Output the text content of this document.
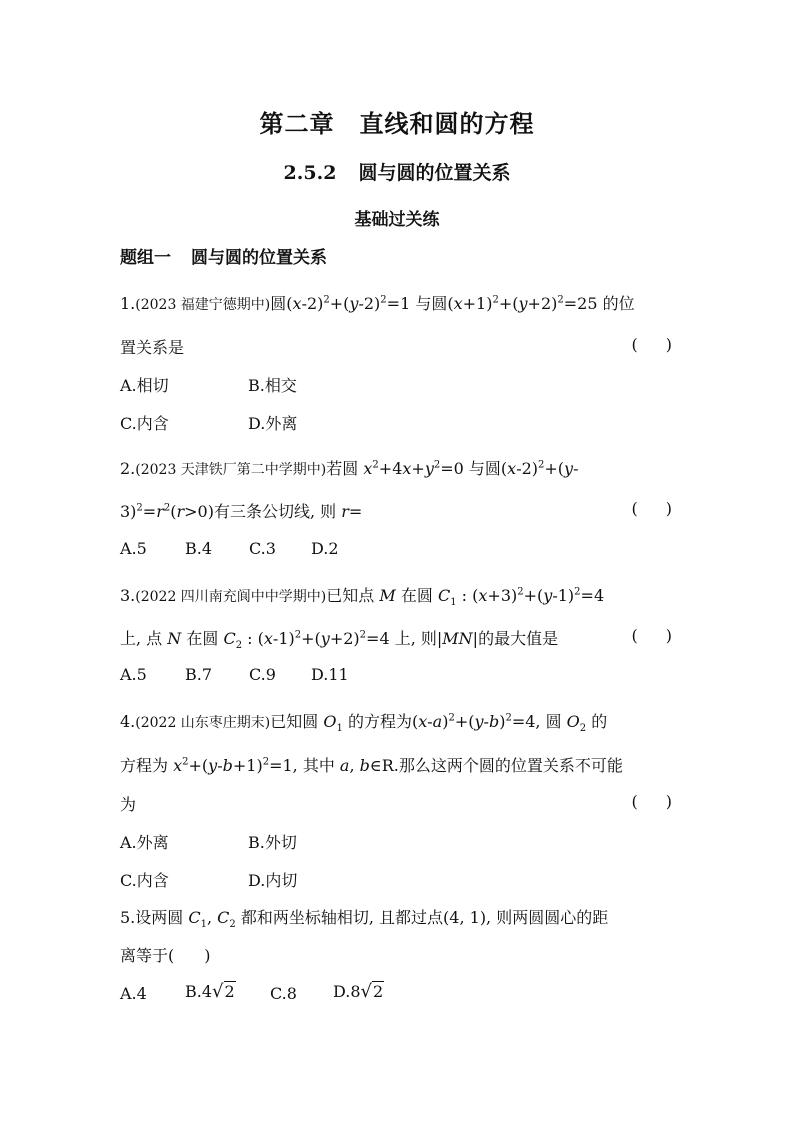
第二章　直线和圆的方程
2.5.2 圆与圆的位置关系
基础过关练
题组一 圆与圆的位置关系
1.(2023 福建宁德期中)圆$(x-2)^2+(y-2)^2=1$ 与圆$(x+1)^2+(y+2)^2=25$ 的位
置关系是	( )
A.相切	B.相交
C.内含	D.外离
2.(2023 天津铁厂第二中学期中)若圆 $x^2+4x+y^2=0$ 与圆$(x-2)^2+(y-$
$3)^2=r^2(r>0)$有三条公切线, 则 r=	( )
A.5 B.4 C.3 D.2
3.(2022 四川南充阆中中学期中)已知点 M 在圆 $C_1$ : $(x+3)^2+(y-1)^2=4$
上, 点 N 在圆 $C_2$ : $(x-1)^2+(y+2)^2=4$ 上, 则|MN|的最大值是	( )
A.5 B.7 C.9 D.11
4.(2022 山东枣庄期末)已知圆 $O_1$ 的方程为$(x-a)^2+(y-b)^2=4$, 圆 $O_2$ 的
方程为 $x^2+(y-b+1)^2=1$, 其中 a, b∈R.那么这两个圆的位置关系不可能
为	( )
A.外离	B.外切
C.内含	D.内切
5.设两圆 $C_1$, $C_2$ 都和两坐标轴相切, 且都过点(4, 1), 则两圆圆心的距
离等于( )
A.4 B.4√2 C.8 D.8√2
